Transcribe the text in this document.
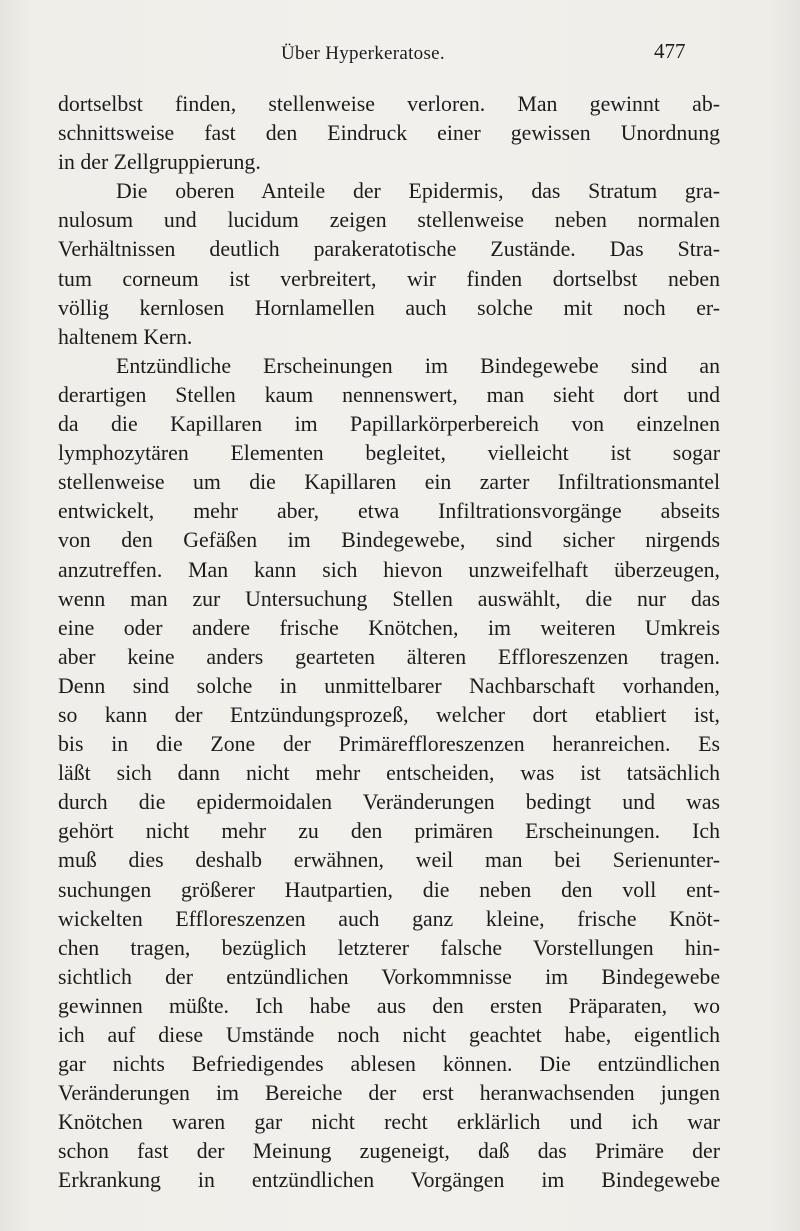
Über Hyperkeratose.	477
dortselbst finden, stellenweise verloren. Man gewinnt ab-
schnittsweise fast den Eindruck einer gewissen Unordnung
in der Zellgruppierung.
Die oberen Anteile der Epidermis, das Stratum gra-
nulosum und lucidum zeigen stellenweise neben normalen
Verhältnissen deutlich parakeratotische Zustände. Das Stra-
tum corneum ist verbreitert, wir finden dortselbst neben
völlig kernlosen Hornlamellen auch solche mit noch er-
haltenem Kern.
Entzündliche Erscheinungen im Bindegewebe sind an
derartigen Stellen kaum nennenswert, man sieht dort und
da die Kapillaren im Papillarkörperbereich von einzelnen
lymphozytären Elementen begleitet, vielleicht ist sogar
stellenweise um die Kapillaren ein zarter Infiltrationsmantel
entwickelt, mehr aber, etwa Infiltrationsvorgänge abseits
von den Gefäßen im Bindegewebe, sind sicher nirgends
anzutreffen. Man kann sich hievon unzweifelhaft überzeugen,
wenn man zur Untersuchung Stellen auswählt, die nur das
eine oder andere frische Knötchen, im weiteren Umkreis
aber keine anders gearteten älteren Effloreszenzen tragen.
Denn sind solche in unmittelbarer Nachbarschaft vorhanden,
so kann der Entzündungsprozeß, welcher dort etabliert ist,
bis in die Zone der Primäreffloreszenzen heranreichen. Es
läßt sich dann nicht mehr entscheiden, was ist tatsächlich
durch die epidermoidalen Veränderungen bedingt und was
gehört nicht mehr zu den primären Erscheinungen. Ich
muß dies deshalb erwähnen, weil man bei Serienunter-
suchungen größerer Hautpartien, die neben den voll ent-
wickelten Effloreszenzen auch ganz kleine, frische Knöt-
chen tragen, bezüglich letzterer falsche Vorstellungen hin-
sichtlich der entzündlichen Vorkommnisse im Bindegewebe
gewinnen müßte. Ich habe aus den ersten Präparaten, wo
ich auf diese Umstände noch nicht geachtet habe, eigentlich
gar nichts Befriedigendes ablesen können. Die entzündlichen
Veränderungen im Bereiche der erst heranwachsenden jungen
Knötchen waren gar nicht recht erklärlich und ich war
schon fast der Meinung zugeneigt, daß das Primäre der
Erkrankung in entzündlichen Vorgängen im Bindegewebe
